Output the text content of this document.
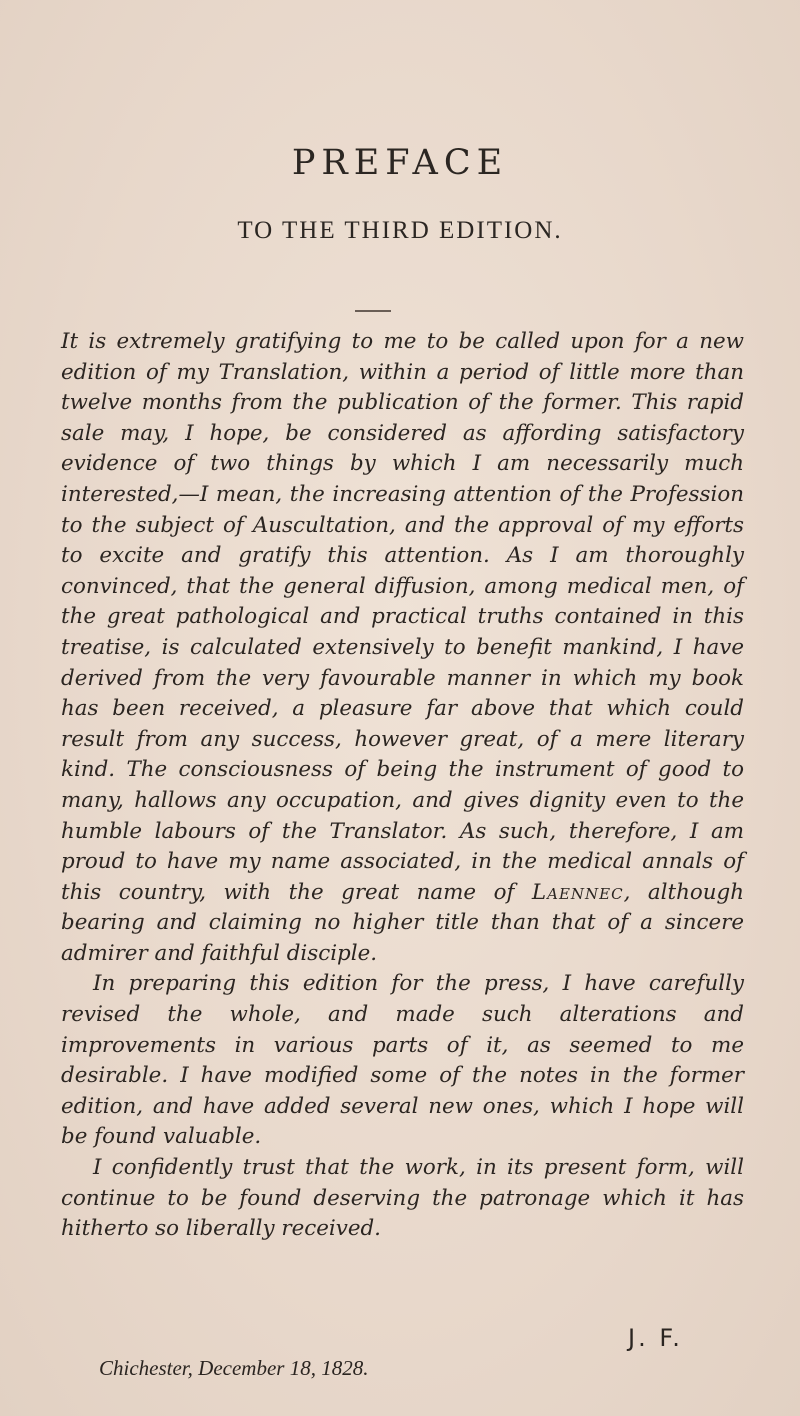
PREFACE
TO THE THIRD EDITION.

It is extremely gratifying to me to be called upon for a new edition of my Translation, within a period of little more than twelve months from the publication of the former. This rapid sale may, I hope, be considered as affording satisfactory evidence of two things by which I am necessarily much interested,—I mean, the increasing attention of the Profession to the subject of Auscultation, and the approval of my efforts to excite and gratify this attention. As I am thoroughly convinced, that the general diffusion, among medical men, of the great pathological and practical truths contained in this treatise, is calculated extensively to benefit mankind, I have derived from the very favourable manner in which my book has been received, a pleasure far above that which could result from any success, however great, of a mere literary kind. The consciousness of being the instrument of good to many, hallows any occupation, and gives dignity even to the humble labours of the Translator. As such, therefore, I am proud to have my name associated, in the medical annals of this country, with the great name of Laennec, although bearing and claiming no higher title than that of a sincere admirer and faithful disciple.

In preparing this edition for the press, I have carefully revised the whole, and made such alterations and improvements in various parts of it, as seemed to me desirable. I have modified some of the notes in the former edition, and have added several new ones, which I hope will be found valuable.

I confidently trust that the work, in its present form, will continue to be found deserving the patronage which it has hitherto so liberally received.

J. F.
Chichester, December 18, 1828.
